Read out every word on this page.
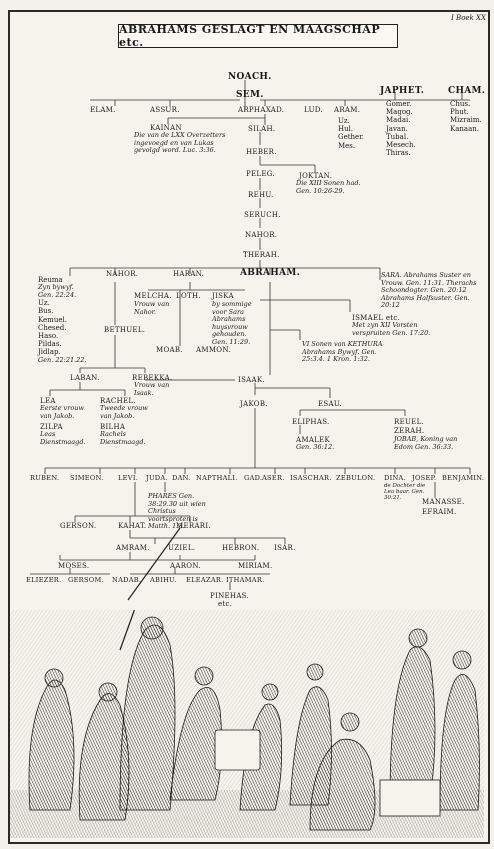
I Boek XX
ABRAHAMS GESLAGT EN MAAGSCHAP etc.
NOACH.
SEM.	JAPHET.	CHAM.
ELAM.	ASSUR.	ARPHAXAD.	LUD. ARAM.
Gomer.
Magog.
Madai.
Javan.
Tubal.
Mesech.
Thiras.
Chus.
Phut.
Mizraim.
Kanaan.
Uz.
Hul.
Gether.
Mes.
KAINAN
Die van de LXX Overzetters ingevoegd en van Lukas gevolgd word. Luc. 3:36.
SILAH.
HEBER.
PELEG.	JOKTAN.
Die XIII Sonen had. Gen. 10:26-29.
REHU.
SERUCH.
NAHOR.
THERAH.
NAHOR.	HARAN.	ABRAHAM.
Reuma
Zyn bywyf.
Gen. 22:24.
Uz.
Bus.
Kemuel.
Chesed.
Haso.
Pildas.
Jidlap.
Gen. 22:21.22.
MELCHA.
Vrouw van Nahor.
LOTH. JISKA
by sommige voor Sara Abrahams huysvrouw gehouden. Gen. 11:29.
SARA. Abrahams Suster en Vrouw. Gen. 11:31. Therachs Schoondogter. Gen. 20:12 Abrahams Halfsuster. Gen. 20:12
BETHUEL.
MOAB. AMMON.
ISMAEL etc.
Met zyn XII Vorsten verspruiten Gen. 17:20.
VI Sonen van KETHURA Abrahams Bywyf. Gen. 25:3.4. 1 Kron. 1:32.
LABAN.	REBEKKA.
Vrouw van Isaak.
ISAAK.
LEA
Eerste vrouw van Jakob.
RACHEL.
Tweede vrouw van Jakob.
ZILPA
Leas Dienstmaagd.
BILHA
Rachels Dienstmaagd.
JAKOB.	ESAU.
ELIPHAS.
AMALEK
Gen. 36:12.
REUEL.
ZERAH.
JOBAB, Koning van Edom Gen. 36:33.
RUBEN. SIMEON. LEVI. JUDA. DAN. NAPTHALI. GAD. ASER. ISASCHAR. ZEBULON. DINA. JOSEP. BENJAMIN.
de Dochter die Lea baar. Gen. 30:21.
PHARES Gen. 38:29.30 uit wien Christus voortsproten is Matth. 1:3.
MANASSE.
EFRAIM.
GERSON.	KAHAT.	MERARI.
AMRAM.	UZIEL.	HEBRON. ISAR.
MOSES.	AARON.	MIRIAM.
ELIEZER. GERSOM. NADAB. ABIHU. ELEAZAR. ITHAMAR.
PINEHAS.
etc.
